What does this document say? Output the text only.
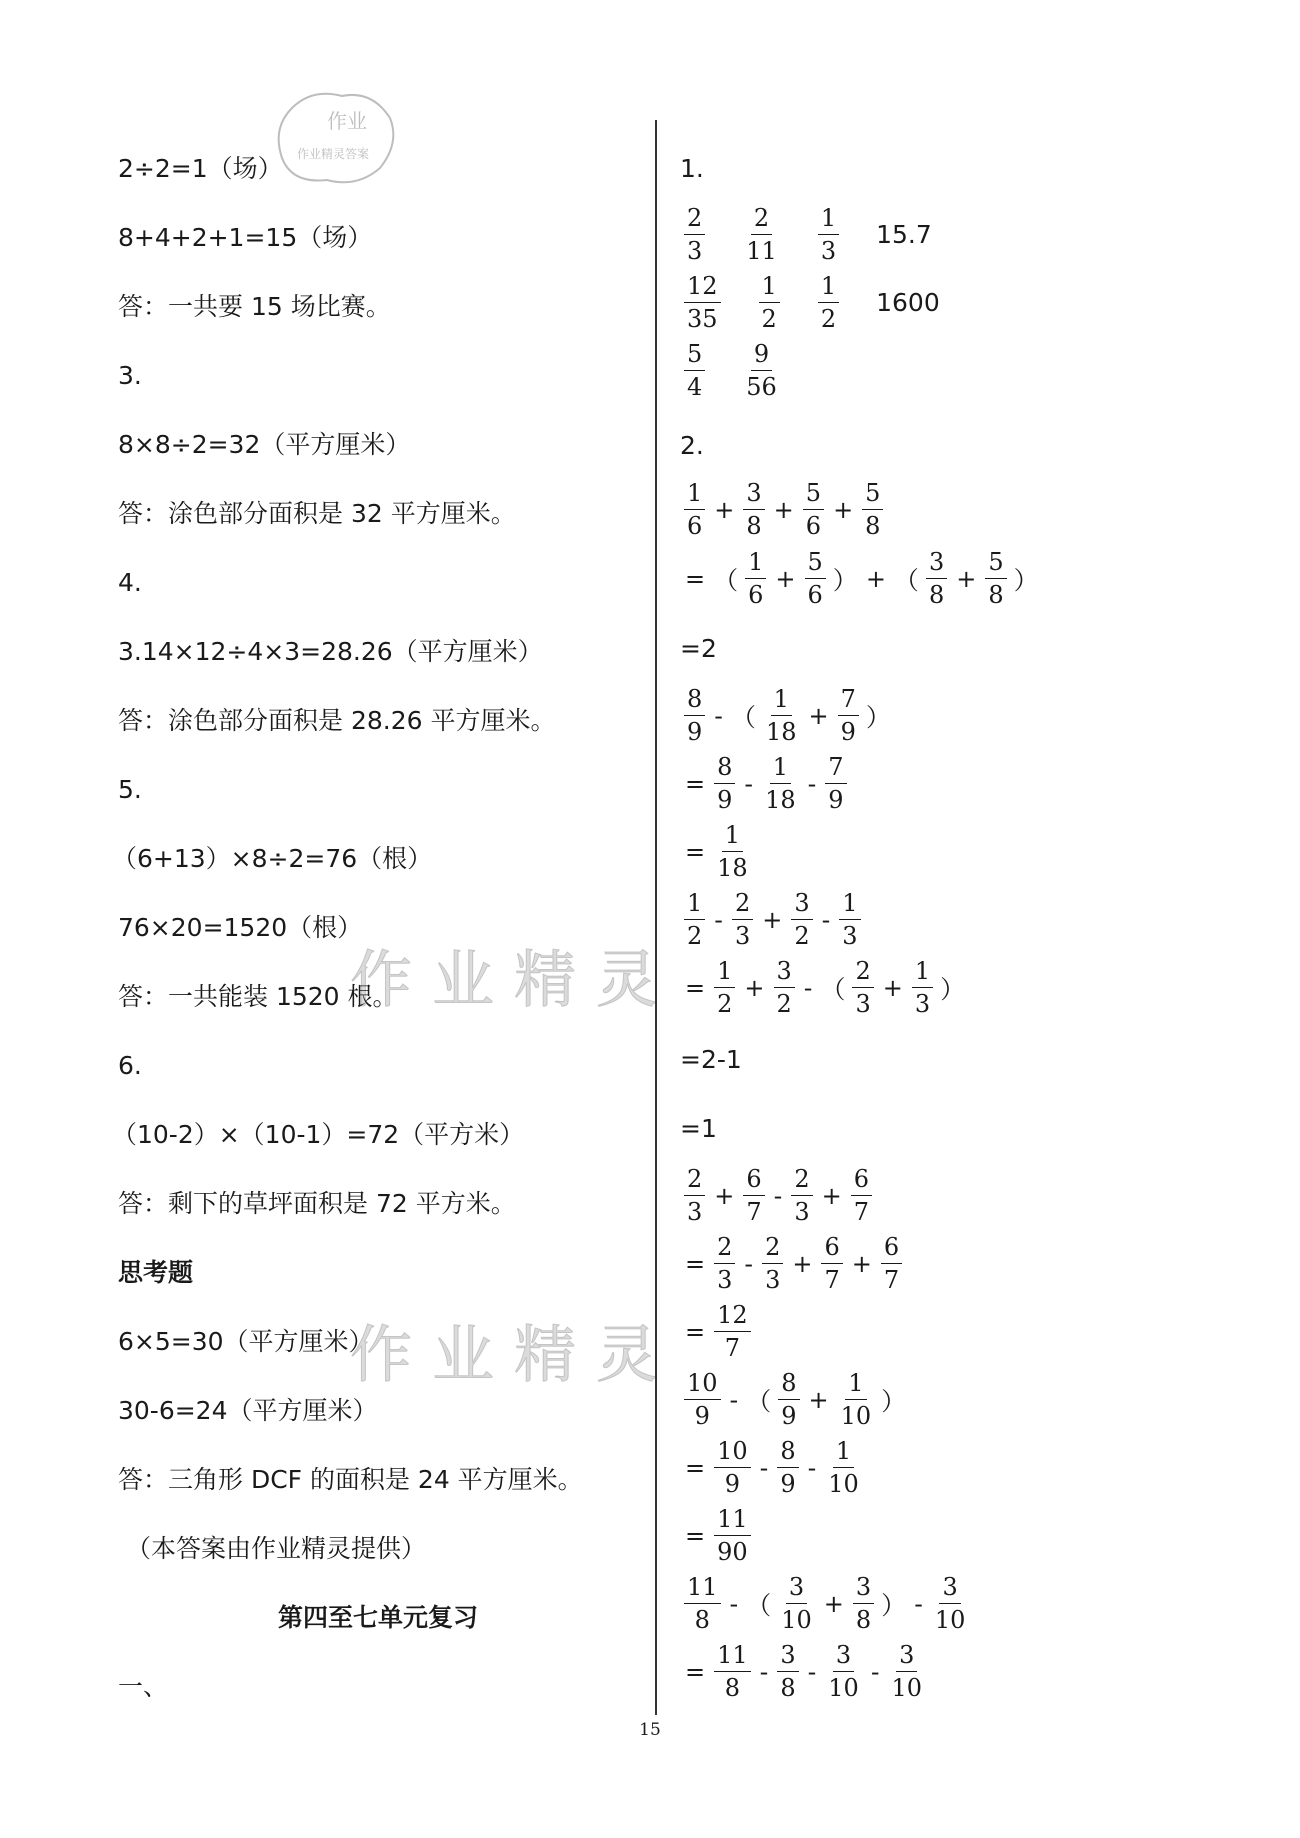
作业精灵
作业精灵
作业
作业精灵答案
2÷2=1（场）
8+4+2+1=15（场）
答：一共要 15 场比赛。
3.
8×8÷2=32（平方厘米）
答：涂色部分面积是 32 平方厘米。
4.
3.14×12÷4×3=28.26（平方厘米）
答：涂色部分面积是 28.26 平方厘米。
5.
（6+13）×8÷2=76（根）
76×20=1520（根）
答：一共能装 1520 根。
6.
（10-2）×（10-1）=72（平方米）
答：剩下的草坪面积是 72 平方米。
思考题
6×5=30（平方厘米）
30-6=24（平方厘米）
答：三角形 DCF 的面积是 24 平方厘米。
（本答案由作业精灵提供）
第四至七单元复习
一、
1.
$\frac{2}{3} \frac{2}{11} \frac{1}{3} 15.7$
$\frac{12}{35} \frac{1}{2} \frac{1}{2} 1600$
$\frac{5}{4} \frac{9}{56}$
2.
$\frac{1}{6} + \frac{3}{8} + \frac{5}{6} + \frac{5}{8}$
= （ $\frac{1}{6} + \frac{5}{6}$ ） + （ $\frac{3}{8} + \frac{5}{8}$ ）
=2
$\frac{8}{9}$ - （ $\frac{1}{18} + \frac{7}{9}$ ）
= $\frac{8}{9} - \frac{1}{18} - \frac{7}{9}$
= $\frac{1}{18}$
$\frac{1}{2} - \frac{2}{3} + \frac{3}{2} - \frac{1}{3}$
= $\frac{1}{2} + \frac{3}{2}$ - （ $\frac{2}{3} + \frac{1}{3}$ ）
=2-1
=1
$\frac{2}{3} + \frac{6}{7} - \frac{2}{3} + \frac{6}{7}$
= $\frac{2}{3} - \frac{2}{3} + \frac{6}{7} + \frac{6}{7}$
= $\frac{12}{7}$
$\frac{10}{9}$ - （ $\frac{8}{9} + \frac{1}{10}$ ）
= $\frac{10}{9} - \frac{8}{9} - \frac{1}{10}$
= $\frac{11}{90}$
$\frac{11}{8}$ - （ $\frac{3}{10} + \frac{3}{8}$ ） - $\frac{3}{10}$
= $\frac{11}{8} - \frac{3}{8} - \frac{3}{10} - \frac{3}{10}$
15
